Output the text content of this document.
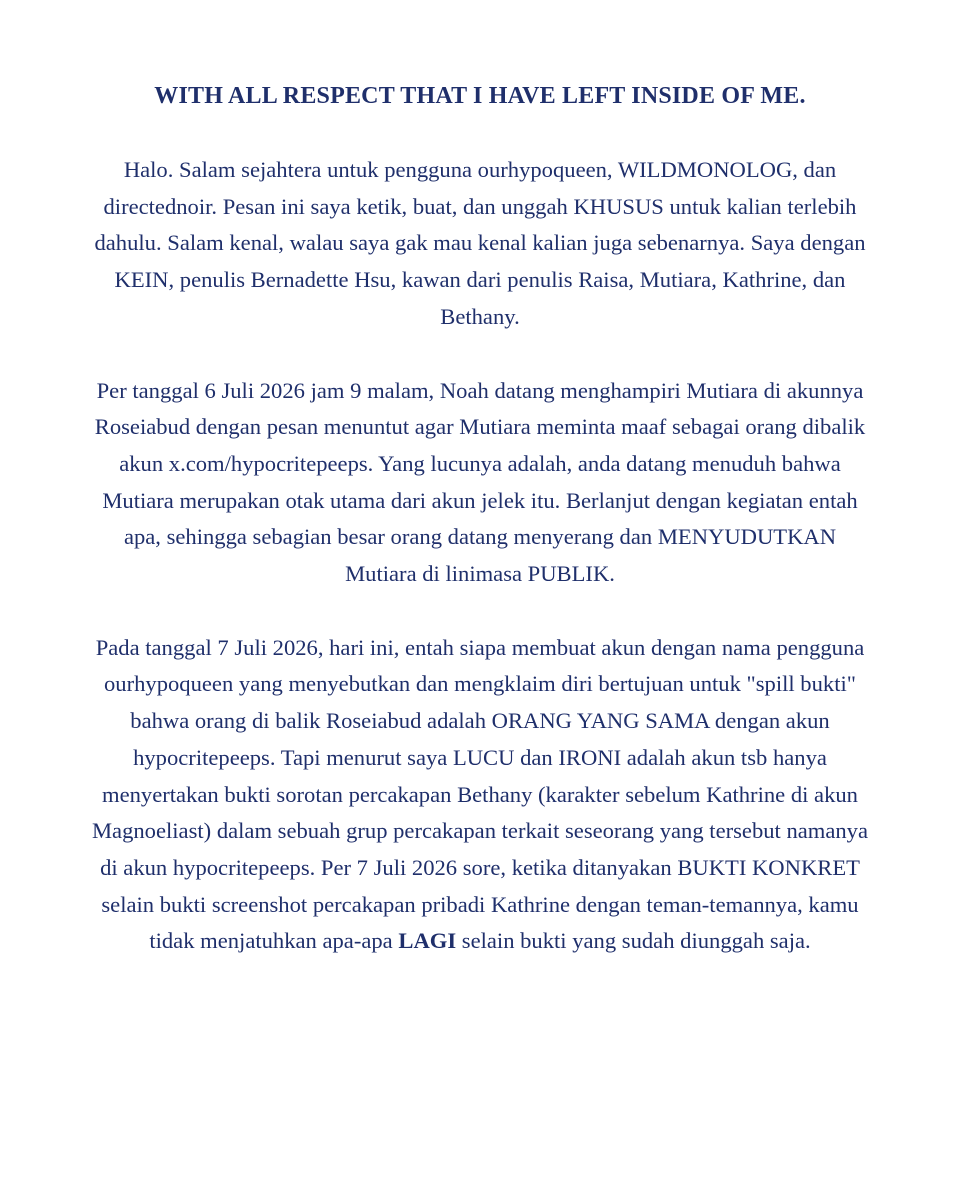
WITH ALL RESPECT THAT I HAVE LEFT INSIDE OF ME.

Halo. Salam sejahtera untuk pengguna ourhypoqueen, WILDMONOLOG, dan directednoir. Pesan ini saya ketik, buat, dan unggah KHUSUS untuk kalian terlebih dahulu. Salam kenal, walau saya gak mau kenal kalian juga sebenarnya. Saya dengan KEIN, penulis Bernadette Hsu, kawan dari penulis Raisa, Mutiara, Kathrine, dan Bethany.

Per tanggal 6 Juli 2026 jam 9 malam, Noah datang menghampiri Mutiara di akunnya Roseiabud dengan pesan menuntut agar Mutiara meminta maaf sebagai orang dibalik akun x.com/hypocritepeeps. Yang lucunya adalah, anda datang menuduh bahwa Mutiara merupakan otak utama dari akun jelek itu. Berlanjut dengan kegiatan entah apa, sehingga sebagian besar orang datang menyerang dan MENYUDUTKAN Mutiara di linimasa PUBLIK.

Pada tanggal 7 Juli 2026, hari ini, entah siapa membuat akun dengan nama pengguna ourhypoqueen yang menyebutkan dan mengklaim diri bertujuan untuk "spill bukti" bahwa orang di balik Roseiabud adalah ORANG YANG SAMA dengan akun hypocritepeeps. Tapi menurut saya LUCU dan IRONI adalah akun tsb hanya menyertakan bukti sorotan percakapan Bethany (karakter sebelum Kathrine di akun Magnoeliast) dalam sebuah grup percakapan terkait seseorang yang tersebut namanya di akun hypocritepeeps. Per 7 Juli 2026 sore, ketika ditanyakan BUKTI KONKRET selain bukti screenshot percakapan pribadi Kathrine dengan teman-temannya, kamu tidak menjatuhkan apa-apa LAGI selain bukti yang sudah diunggah saja.
